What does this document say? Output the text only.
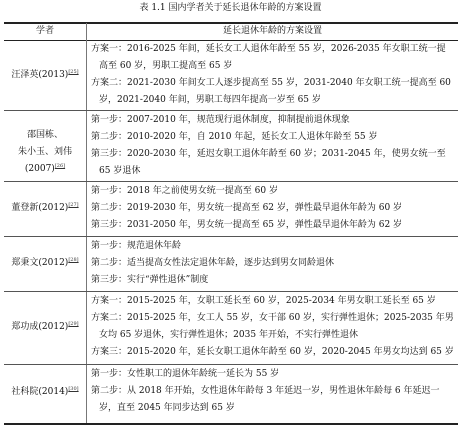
表 1.1 国内学者关于延长退休年龄的方案设置
学者	延长退休年龄的方案设置
汪泽英(2013)[25]
方案一：2016-2025 年间，延长女工人退休年龄至 55 岁，2026-2035 年女职工统一提
高至 60 岁，男职工提高至 65 岁
方案二：2021-2030 年间女工人逐步提高至 55 岁，2031-2040 年女职工统一提高至 60
岁，2021-2040 年间，男职工每四年提高一岁至 65 岁
邵国栋、
朱小玉、刘伟
(2007)[26]
第一步：2007-2010 年，规范现行退休制度，抑制提前退休现象
第二步：2010-2020 年，自 2010 年起，延长女工人退休年龄至 55 岁
第三步：2020-2030 年，延迟女职工退休年龄至 60 岁；2031-2045 年，使男女统一至
65 岁退休
董登新(2012)[27]
第一步：2018 年之前使男女统一提高至 60 岁
第二步：2019-2030 年，男女统一提高至 62 岁，弹性最早退休年龄为 60 岁
第三步：2031-2050 年，男女统一提高至 65 岁，弹性最早退休年龄为 62 岁
郑秉文(2012)[28]
第一步：规范退休年龄
第二步：适当提高女性法定退休年龄，逐步达到男女同龄退休
第三步：实行“弹性退休”制度
郑功成(2012)[29]
方案一：2015-2025 年，女职工延长至 60 岁，2025-2034 年男女职工延长至 65 岁
方案二：2015-2025 年，女工人 55 岁，女干部 60 岁，实行弹性退休；2025-2035 年男
女均 65 岁退休，实行弹性退休；2035 年开始，不实行弹性退休
方案三：2015-2020 年，延长女职工退休年龄至 60 岁，2020-2045 年男女均达到 65 岁
社科院(2014)[30]
第一步：女性职工的退休年龄统一延长为 55 岁
第二步：从 2018 年开始，女性退休年龄每 3 年延迟一岁，男性退休年龄每 6 年延迟一
岁，直至 2045 年同步达到 65 岁
